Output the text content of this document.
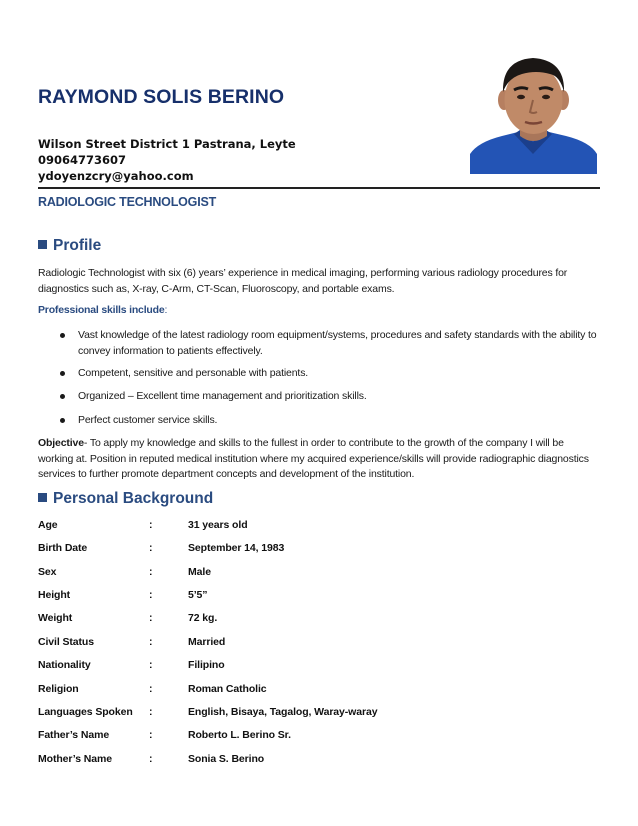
RAYMOND SOLIS BERINO
Wilson Street District 1 Pastrana, Leyte
09064773607
ydoyenzcry@yahoo.com
RADIOLOGIC TECHNOLOGIST
Profile
Radiologic Technologist with six (6) years’ experience in medical imaging, performing various radiology procedures for diagnostics such as, X-ray, C-Arm, CT-Scan, Fluoroscopy, and portable exams.
Professional skills include:
Vast knowledge of the latest radiology room equipment/systems, procedures and safety standards with the ability to convey information to patients effectively.
Competent, sensitive and personable with patients.
Organized – Excellent time management and prioritization skills.
Perfect customer service skills.
Objective- To apply my knowledge and skills to the fullest in order to contribute to the growth of the company I will be working at. Position in reputed medical institution where my acquired experience/skills will provide radiographic diagnostics services to further promote department concepts and development of the institution.
Personal Background
Age	:	31 years old
Birth Date	:	September 14, 1983
Sex	:	Male
Height	:	5’5”
Weight	:	72 kg.
Civil Status	:	Married
Nationality	:	Filipino
Religion	:	Roman Catholic
Languages Spoken :	English, Bisaya, Tagalog, Waray-waray
Father’s Name	:	Roberto L. Berino Sr.
Mother’s Name	:	Sonia S. Berino
